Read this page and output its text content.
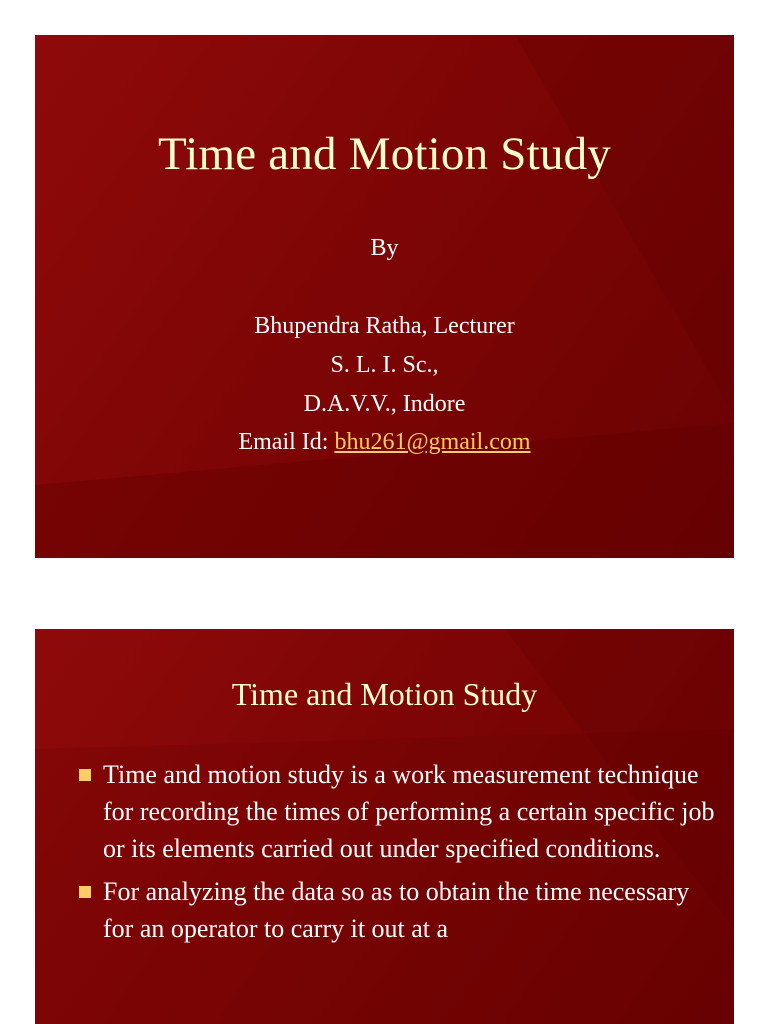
Time and Motion Study
By
Bhupendra Ratha, Lecturer
S. L. I. Sc.,
D.A.V.V., Indore
Email Id: bhu261@gmail.com
Time and Motion Study
Time and motion study is a work measurement technique for recording the times of performing a certain specific job or its elements carried out under specified conditions.
For analyzing the data so as to obtain the time necessary for an operator to carry it out at a
